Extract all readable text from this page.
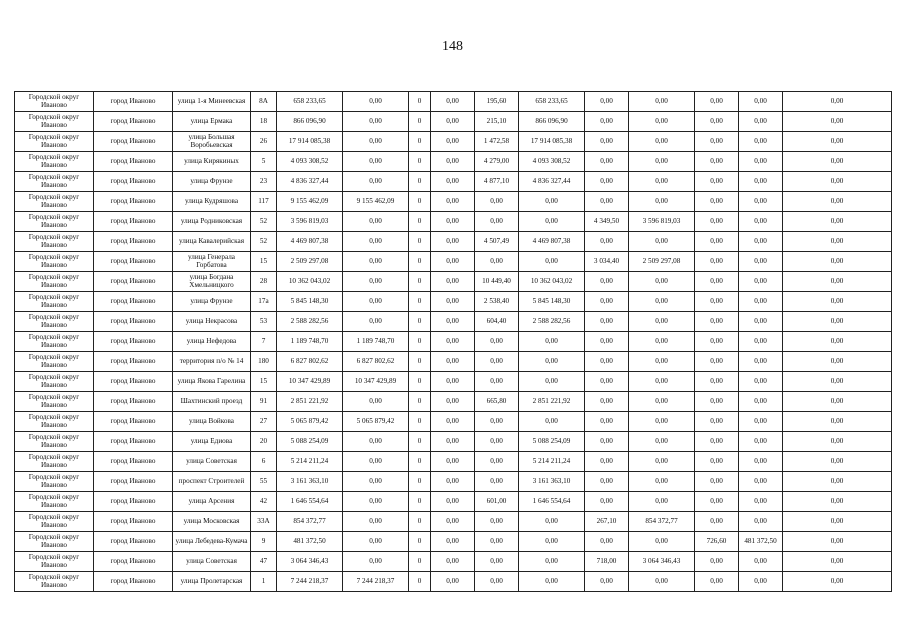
148
Городской округ Иваново	город Иваново	улица 1-я Минеевская	8А	658 233,65	0,00	0	0,00	195,60	658 233,65	0,00	0,00	0,00	0,00	0,00
Городской округ Иваново	город Иваново	улица Ермака	18	866 096,90	0,00	0	0,00	215,10	866 096,90	0,00	0,00	0,00	0,00	0,00
Городской округ Иваново	город Иваново	улица Большая Воробьевская	26	17 914 085,38	0,00	0	0,00	1 472,58	17 914 085,38	0,00	0,00	0,00	0,00	0,00
Городской округ Иваново	город Иваново	улица Кирякиных	5	4 093 308,52	0,00	0	0,00	4 279,00	4 093 308,52	0,00	0,00	0,00	0,00	0,00
Городской округ Иваново	город Иваново	улица Фрунзе	23	4 836 327,44	0,00	0	0,00	4 877,10	4 836 327,44	0,00	0,00	0,00	0,00	0,00
Городской округ Иваново	город Иваново	улица Кудряшова	117	9 155 462,09	9 155 462,09	0	0,00	0,00	0,00	0,00	0,00	0,00	0,00	0,00
Городской округ Иваново	город Иваново	улица Родниковская	52	3 596 819,03	0,00	0	0,00	0,00	0,00	4 349,50	3 596 819,03	0,00	0,00	0,00
Городской округ Иваново	город Иваново	улица Кавалерийская	52	4 469 807,38	0,00	0	0,00	4 507,49	4 469 807,38	0,00	0,00	0,00	0,00	0,00
Городской округ Иваново	город Иваново	улица Генерала Горбатова	15	2 509 297,08	0,00	0	0,00	0,00	0,00	3 034,40	2 509 297,08	0,00	0,00	0,00
Городской округ Иваново	город Иваново	улица Богдана Хмельницкого	28	10 362 043,02	0,00	0	0,00	10 449,40	10 362 043,02	0,00	0,00	0,00	0,00	0,00
Городской округ Иваново	город Иваново	улица Фрунзе	17а	5 845 148,30	0,00	0	0,00	2 538,40	5 845 148,30	0,00	0,00	0,00	0,00	0,00
Городской округ Иваново	город Иваново	улица Некрасова	53	2 588 282,56	0,00	0	0,00	604,40	2 588 282,56	0,00	0,00	0,00	0,00	0,00
Городской округ Иваново	город Иваново	улица Нефедова	7	1 189 748,70	1 189 748,70	0	0,00	0,00	0,00	0,00	0,00	0,00	0,00	0,00
Городской округ Иваново	город Иваново	территория п/о № 14	180	6 827 802,62	6 827 802,62	0	0,00	0,00	0,00	0,00	0,00	0,00	0,00	0,00
Городской округ Иваново	город Иваново	улица Якова Гарелина	15	10 347 429,89	10 347 429,89	0	0,00	0,00	0,00	0,00	0,00	0,00	0,00	0,00
Городской округ Иваново	город Иваново	Шахтинский проезд	91	2 851 221,92	0,00	0	0,00	665,80	2 851 221,92	0,00	0,00	0,00	0,00	0,00
Городской округ Иваново	город Иваново	улица Войкова	27	5 065 879,42	5 065 879,42	0	0,00	0,00	0,00	0,00	0,00	0,00	0,00	0,00
Городской округ Иваново	город Иваново	улица Едиова	20	5 088 254,09	0,00	0	0,00	0,00	5 088 254,09	0,00	0,00	0,00	0,00	0,00
Городской округ Иваново	город Иваново	улица Советская	6	5 214 211,24	0,00	0	0,00	0,00	5 214 211,24	0,00	0,00	0,00	0,00	0,00
Городской округ Иваново	город Иваново	проспект Строителей	55	3 161 363,10	0,00	0	0,00	0,00	3 161 363,10	0,00	0,00	0,00	0,00	0,00
Городской округ Иваново	город Иваново	улица Арсения	42	1 646 554,64	0,00	0	0,00	601,00	1 646 554,64	0,00	0,00	0,00	0,00	0,00
Городской округ Иваново	город Иваново	улица Московская	33А	854 372,77	0,00	0	0,00	0,00	0,00	267,10	854 372,77	0,00	0,00	0,00
Городской округ Иваново	город Иваново	улица Лебедева-Кумача	9	481 372,50	0,00	0	0,00	0,00	0,00	0,00	0,00	726,60	481 372,50	0,00
Городской округ Иваново	город Иваново	улица Советская	47	3 064 346,43	0,00	0	0,00	0,00	0,00	718,00	3 064 346,43	0,00	0,00	0,00
Городской округ Иваново	город Иваново	улица Пролетарская	1	7 244 218,37	7 244 218,37	0	0,00	0,00	0,00	0,00	0,00	0,00	0,00	0,00
